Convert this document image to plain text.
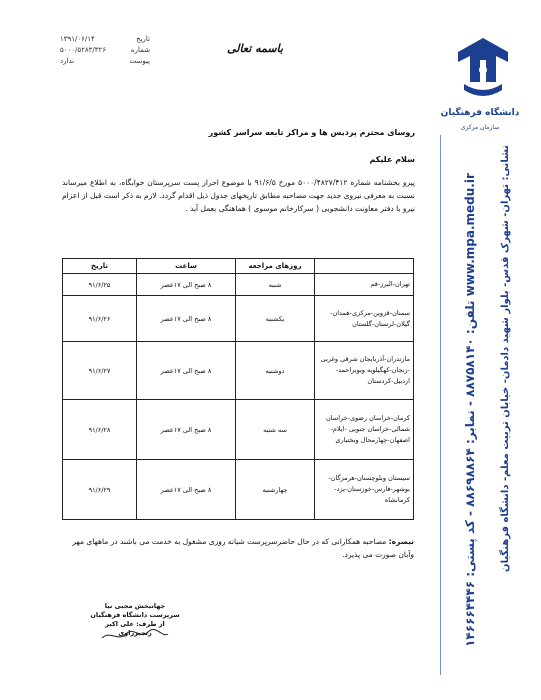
دانشگاه فرهنگیان
سازمان مرکزی
نشانی: تهران- شهرک قدس- بلوار شهید دادمان- خیابان تربیت معلم- دانشگاه فرهنگیان
تلفن: ۸۸۷۵۸۱۴۰ - نمابر: ۸۸۶۹۸۸۶۴ - کد پستی: ۱۴۶۶۶۴۴۴۶ www.mpa.medu.ir
تاریخ
۱۳۹۱/۰۶/۱۴
شماره
۵۰۰۰/۵۲۸۳/۳۲۶
پیوست
ندارد
باسمه تعالی
روسای محترم پردیس ها و مراکز تابعه سراسر کشور
سلام علیکم
پیرو بخشنامه شماره ۵۰۰۰/۴۸۲۷/۴۱۲ مورخ ۹۱/۶/۵ با موضوع احراز پست سرپرستان خوابگاه، به اطلاع میرساند نسبت به معرفی نیروی جدید جهت مصاحبه مطابق تاریخهای جدول ذیل اقدام گردد. لازم به ذکر است قبل از اعزام نیرو با دفتر معاونت دانشجویی ( سرکارخانم موسوی ) هماهنگی بعمل آید .
	روزهای مراجعه	ساعت	تاریخ
تهران-البرز-قم	شنبه	۸ صبح الی ۱۷عصر	۹۱/۶/۲۵
سمنان-قزوین-مرکزی-همدان-گیلان-لرستان-گلستان	یکشنبه	۸ صبح الی ۱۷عصر	۹۱/۶/۲۶
مازندران-آذربایجان شرقی وغربی -زنجان-کهگیلویه وبویراحمد-اردبیل-کردستان	دوشنبه	۸ صبح الی ۱۷عصر	۹۱/۶/۲۷
کرمان-خراسان رضوی-خراسان شمالی-خراسان جنوبی -ایلام-اصفهان-چهارمحال وبختیاری	سه شنبه	۸ صبح الی ۱۷عصر	۹۱/۶/۲۸
سیستان وبلوچستان-هرمزگان-بوشهر-فارس-خوزستان-یزد-کرمانشاه	چهارشنبه	۸ صبح الی ۱۷عصر	۹۱/۶/۲۹
تبصره: مصاحبه همکارانی که در حال حاضرسرپرست شبانه روزی مشغول به خدمت می باشند در ماههای مهر وآبان صورت می پذیرد.
جهانبخش محبی نیا
سرپرست دانشگاه فرهنگیان
از طرف: علی اکبر رنجبرزاوی
